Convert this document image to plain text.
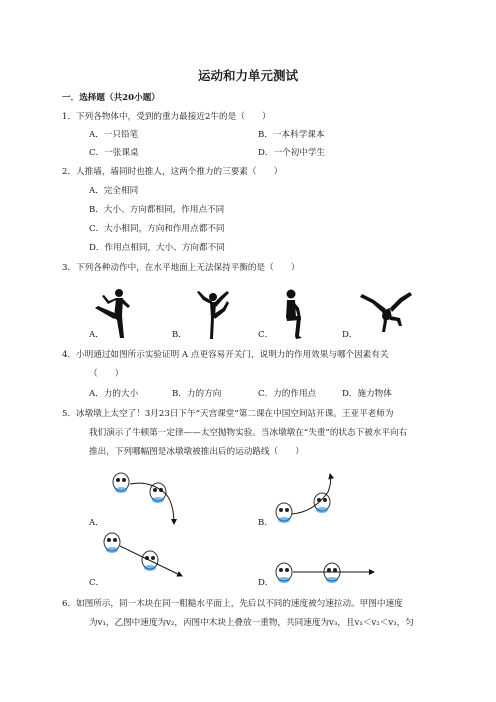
运动和力单元测试
一．选择题（共20小题）
1．下列各物体中，受到的重力最接近2牛的是（　　）
A．一只铅笔	B．一本科学课本
C．一张课桌	D．一个初中学生
2．人推墙，墙同时也推人，这两个推力的三要素（　　）
A．完全相同
B．大小、方向都相同，作用点不同
C．大小相同，方向和作用点都不同
D．作用点相同，大小、方向都不同
3．下列各种动作中，在水平地面上无法保持平衡的是（　　）
A．	B．	C．	D．
4．小明通过如图所示实验证明 A 点更容易开关门，说明力的作用效果与哪个因素有关
（　　）
A．力的大小	B．力的方向	C．力的作用点	D．施力物体
5．冰墩墩上太空了！3月23日下午“天宫课堂”第二课在中国空间站开课。王亚平老师为
我们演示了牛顿第一定律——太空抛物实验。当冰墩墩在“失重”的状态下被水平向右
推出，下列哪幅图是冰墩墩被推出后的运动路线（　　）
A．	B．
C．	D．
6．如图所示，同一木块在同一粗糙水平面上，先后以不同的速度被匀速拉动。甲图中速度
为v₁，乙图中速度为v₂，丙图中木块上叠放一重物，共同速度为v₃，且v₁＜v₂＜v₃，匀
